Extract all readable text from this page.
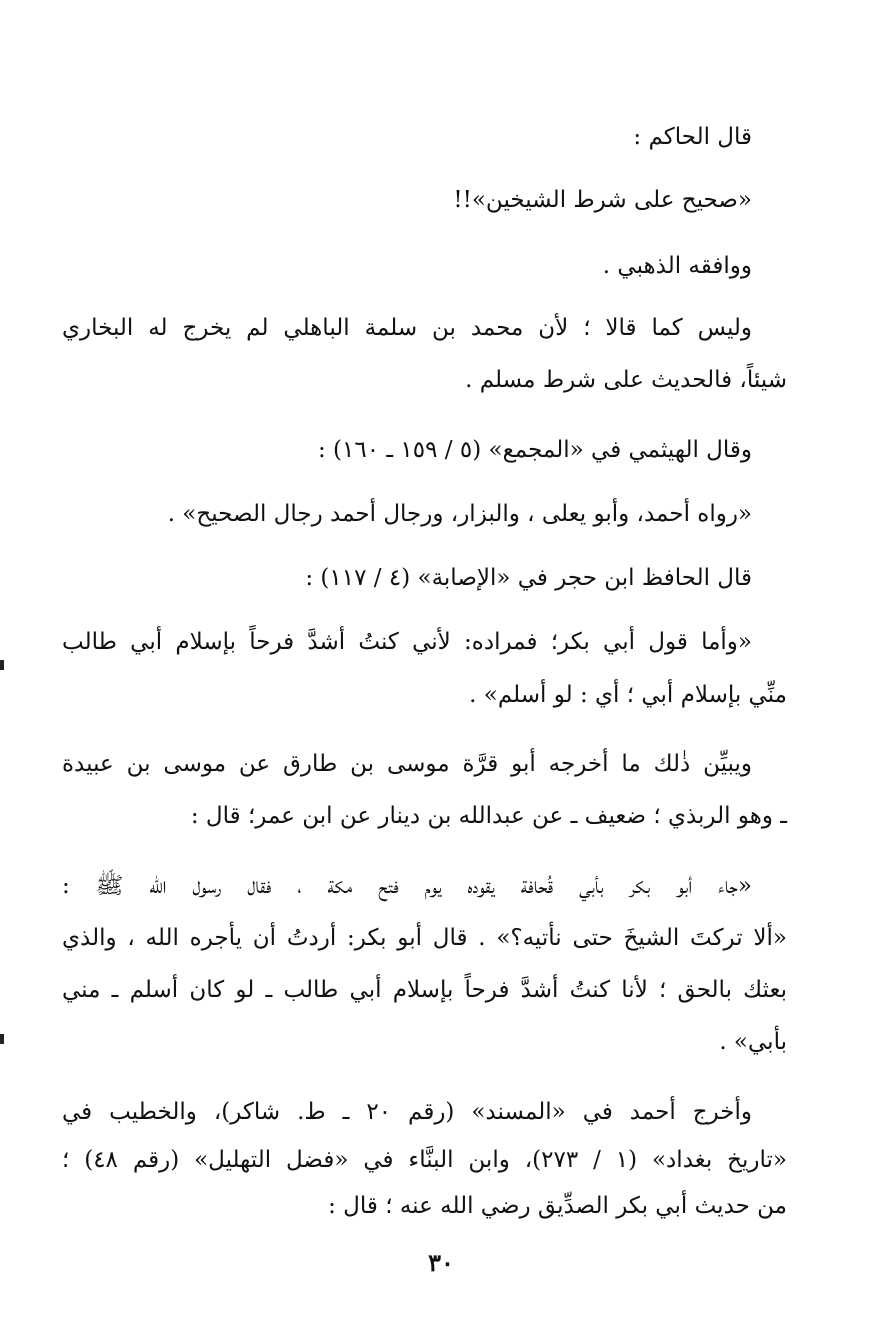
قال الحاكم :
«صحيح على شرط الشيخين»!!
ووافقه الذهبي .
وليس كما قالا ؛ لأن محمد بن سلمة الباهلي لم يخرج له البخاري
شيئاً، فالحديث على شرط مسلم .
وقال الهيثمي في «المجمع» (٥ / ١٥٩ ـ ١٦٠) :
«رواه أحمد، وأبو يعلى ، والبزار، ورجال أحمد رجال الصحيح» .
قال الحافظ ابن حجر في «الإصابة» (٤ / ١١٧) :
«وأما قول أبي بكر؛ فمراده: لأني كنتُ أشدَّ فرحاً بإسلام أبي طالب
منِّي بإسلام أبي ؛ أي : لو أسلم» .
ويبيِّن ذٰلك ما أخرجه أبو قرَّة موسى بن طارق عن موسى بن عبيدة
ـ وهو الربذي ؛ ضعيف ـ عن عبدالله بن دينار عن ابن عمر؛ قال :
«جاء أبو بكر بأبي قُحافة يقوده يوم فتح مكة ، فقال رسول الله ﷺ :
«ألا تركتَ الشيخَ حتى نأتيه؟» . قال أبو بكر: أردتُ أن يأجره الله ، والذي
بعثك بالحق ؛ لأنا كنتُ أشدَّ فرحاً بإسلام أبي طالب ـ لو كان أسلم ـ مني
بأبي» .
وأخرج أحمد في «المسند» (رقم ٢٠ ـ ط. شاكر)، والخطيب في
«تاريخ بغداد» (١ / ٢٧٣)، وابن البنَّاء في «فضل التهليل» (رقم ٤٨) ؛
من حديث أبي بكر الصدِّيق رضي الله عنه ؛ قال :
٣٠
